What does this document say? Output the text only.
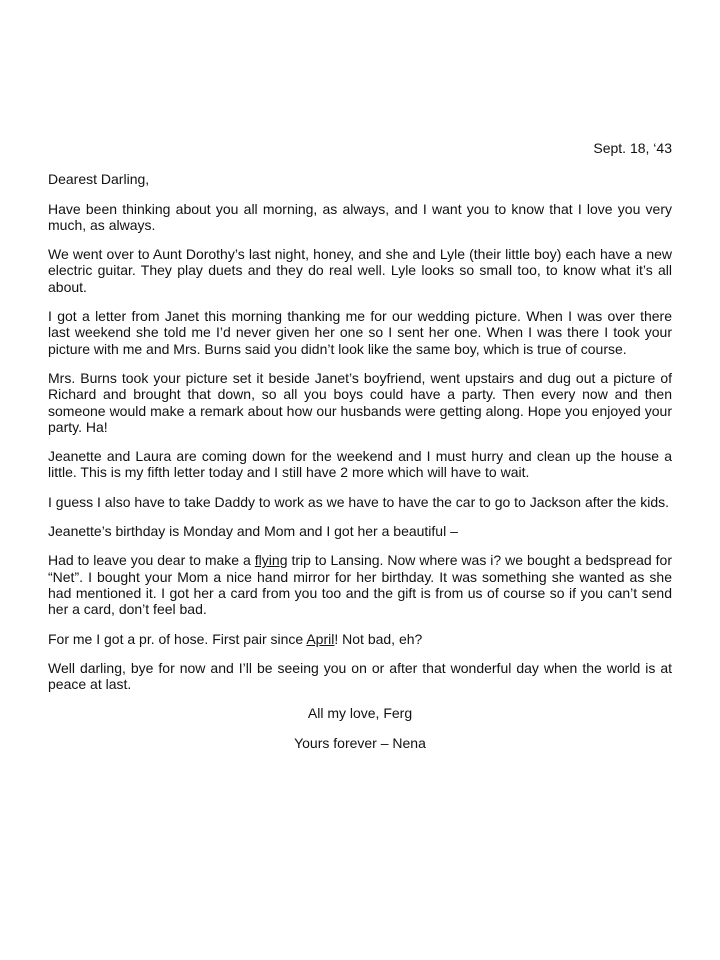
Sept. 18, ‘43
Dearest Darling,

Have been thinking about you all morning, as always, and I want you to know that I love you very much, as always.

We went over to Aunt Dorothy’s last night, honey, and she and Lyle (their little boy) each have a new electric guitar. They play duets and they do real well. Lyle looks so small too, to know what it’s all about.

I got a letter from Janet this morning thanking me for our wedding picture. When I was over there last weekend she told me I’d never given her one so I sent her one. When I was there I took your picture with me and Mrs. Burns said you didn’t look like the same boy, which is true of course.

Mrs. Burns took your picture set it beside Janet’s boyfriend, went upstairs and dug out a picture of Richard and brought that down, so all you boys could have a party. Then every now and then someone would make a remark about how our husbands were getting along. Hope you enjoyed your party. Ha!

Jeanette and Laura are coming down for the weekend and I must hurry and clean up the house a little. This is my fifth letter today and I still have 2 more which will have to wait.

I guess I also have to take Daddy to work as we have to have the car to go to Jackson after the kids.

Jeanette’s birthday is Monday and Mom and I got her a beautiful –

Had to leave you dear to make a flying trip to Lansing. Now where was i? we bought a bedspread for “Net”. I bought your Mom a nice hand mirror for her birthday. It was something she wanted as she had mentioned it. I got her a card from you too and the gift is from us of course so if you can’t send her a card, don’t feel bad.

For me I got a pr. of hose. First pair since April! Not bad, eh?

Well darling, bye for now and I’ll be seeing you on or after that wonderful day when the world is at peace at last.

All my love, Ferg
Yours forever – Nena
